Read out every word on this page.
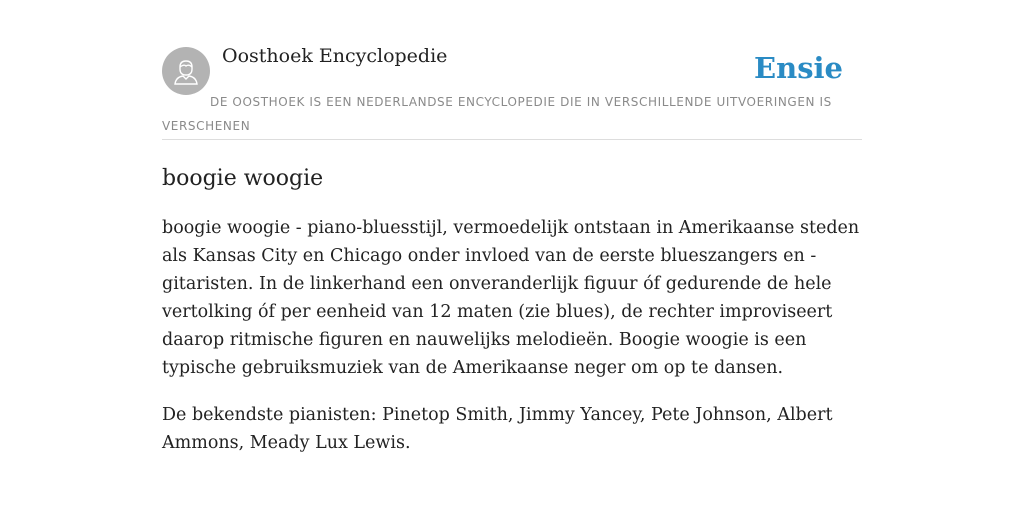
Oosthoek Encyclopedie	Ensie
DE OOSTHOEK IS EEN NEDERLANDSE ENCYCLOPEDIE DIE IN VERSCHILLENDE UITVOERINGEN IS VERSCHENEN
boogie woogie

boogie woogie - piano-bluesstijl, vermoedelijk ontstaan in Amerikaanse steden als Kansas City en Chicago onder invloed van de eerste blueszangers en -gitaristen. In de linkerhand een onveranderlijk figuur óf gedurende de hele vertolking óf per eenheid van 12 maten (zie blues), de rechter improviseert daarop ritmische figuren en nauwelijks melodieën. Boogie woogie is een typische gebruiksmuziek van de Amerikaanse neger om op te dansen.

De bekendste pianisten: Pinetop Smith, Jimmy Yancey, Pete Johnson, Albert Ammons, Meady Lux Lewis.
